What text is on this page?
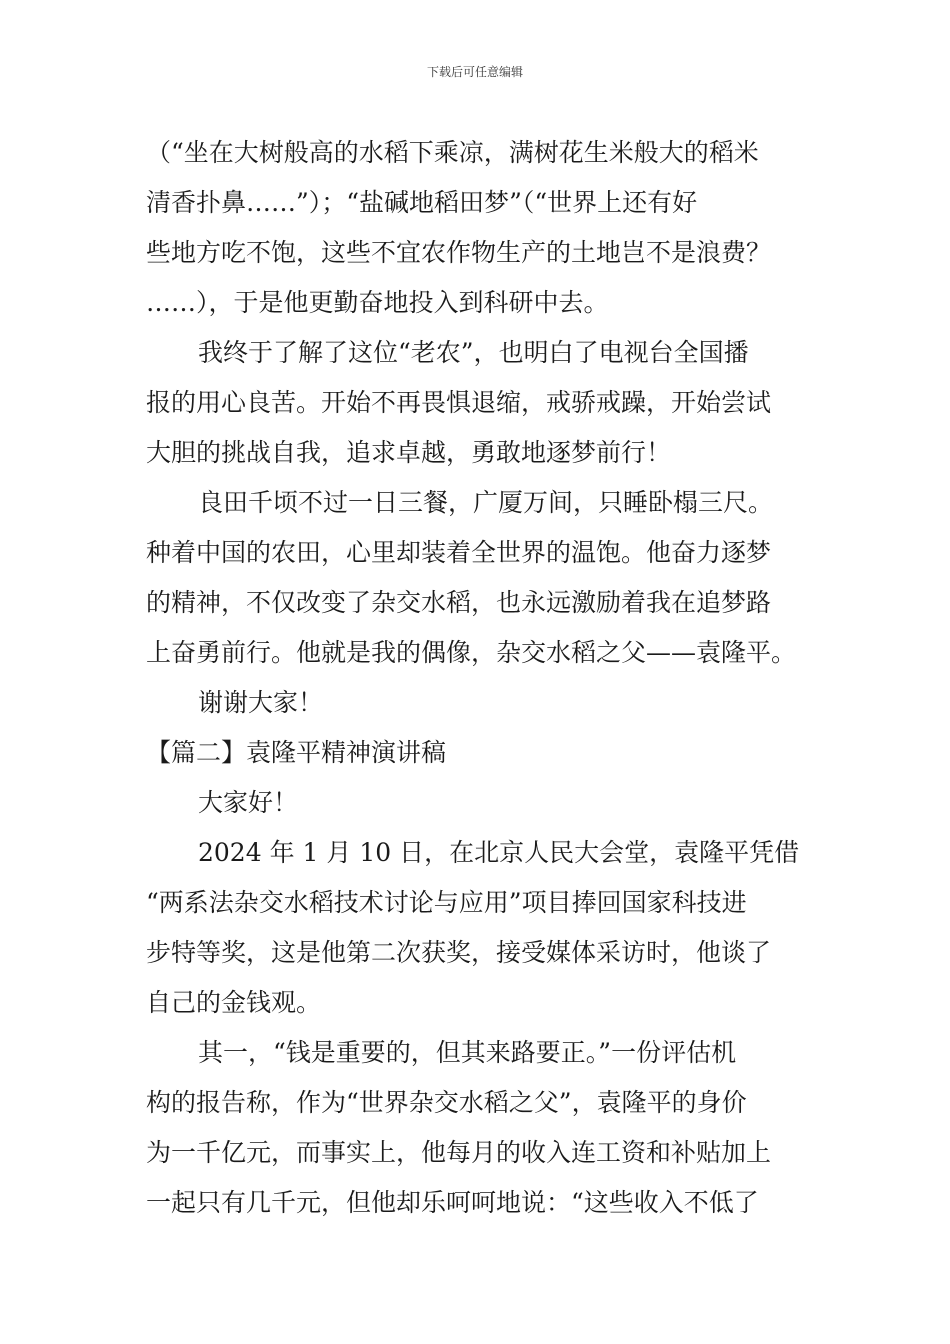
下载后可任意编辑
（“坐在大树般高的水稻下乘凉，满树花生米般大的稻米
清香扑鼻……”）；“盐碱地稻田梦”（“世界上还有好
些地方吃不饱，这些不宜农作物生产的土地岂不是浪费？
……），于是他更勤奋地投入到科研中去。
我终于了解了这位“老农”，也明白了电视台全国播
报的用心良苦。开始不再畏惧退缩，戒骄戒躁，开始尝试
大胆的挑战自我，追求卓越，勇敢地逐梦前行！
良田千顷不过一日三餐，广厦万间，只睡卧榻三尺。
种着中国的农田，心里却装着全世界的温饱。他奋力逐梦
的精神，不仅改变了杂交水稻，也永远激励着我在追梦路
上奋勇前行。他就是我的偶像，杂交水稻之父——袁隆平。
谢谢大家！
【篇二】袁隆平精神演讲稿
大家好！
2024 年 1 月 10 日，在北京人民大会堂，袁隆平凭借
“两系法杂交水稻技术讨论与应用”项目捧回国家科技进
步特等奖，这是他第二次获奖，接受媒体采访时，他谈了
自己的金钱观。
其一，“钱是重要的，但其来路要正。”一份评估机
构的报告称，作为“世界杂交水稻之父”，袁隆平的身价
为一千亿元，而事实上，他每月的收入连工资和补贴加上
一起只有几千元，但他却乐呵呵地说：“这些收入不低了
